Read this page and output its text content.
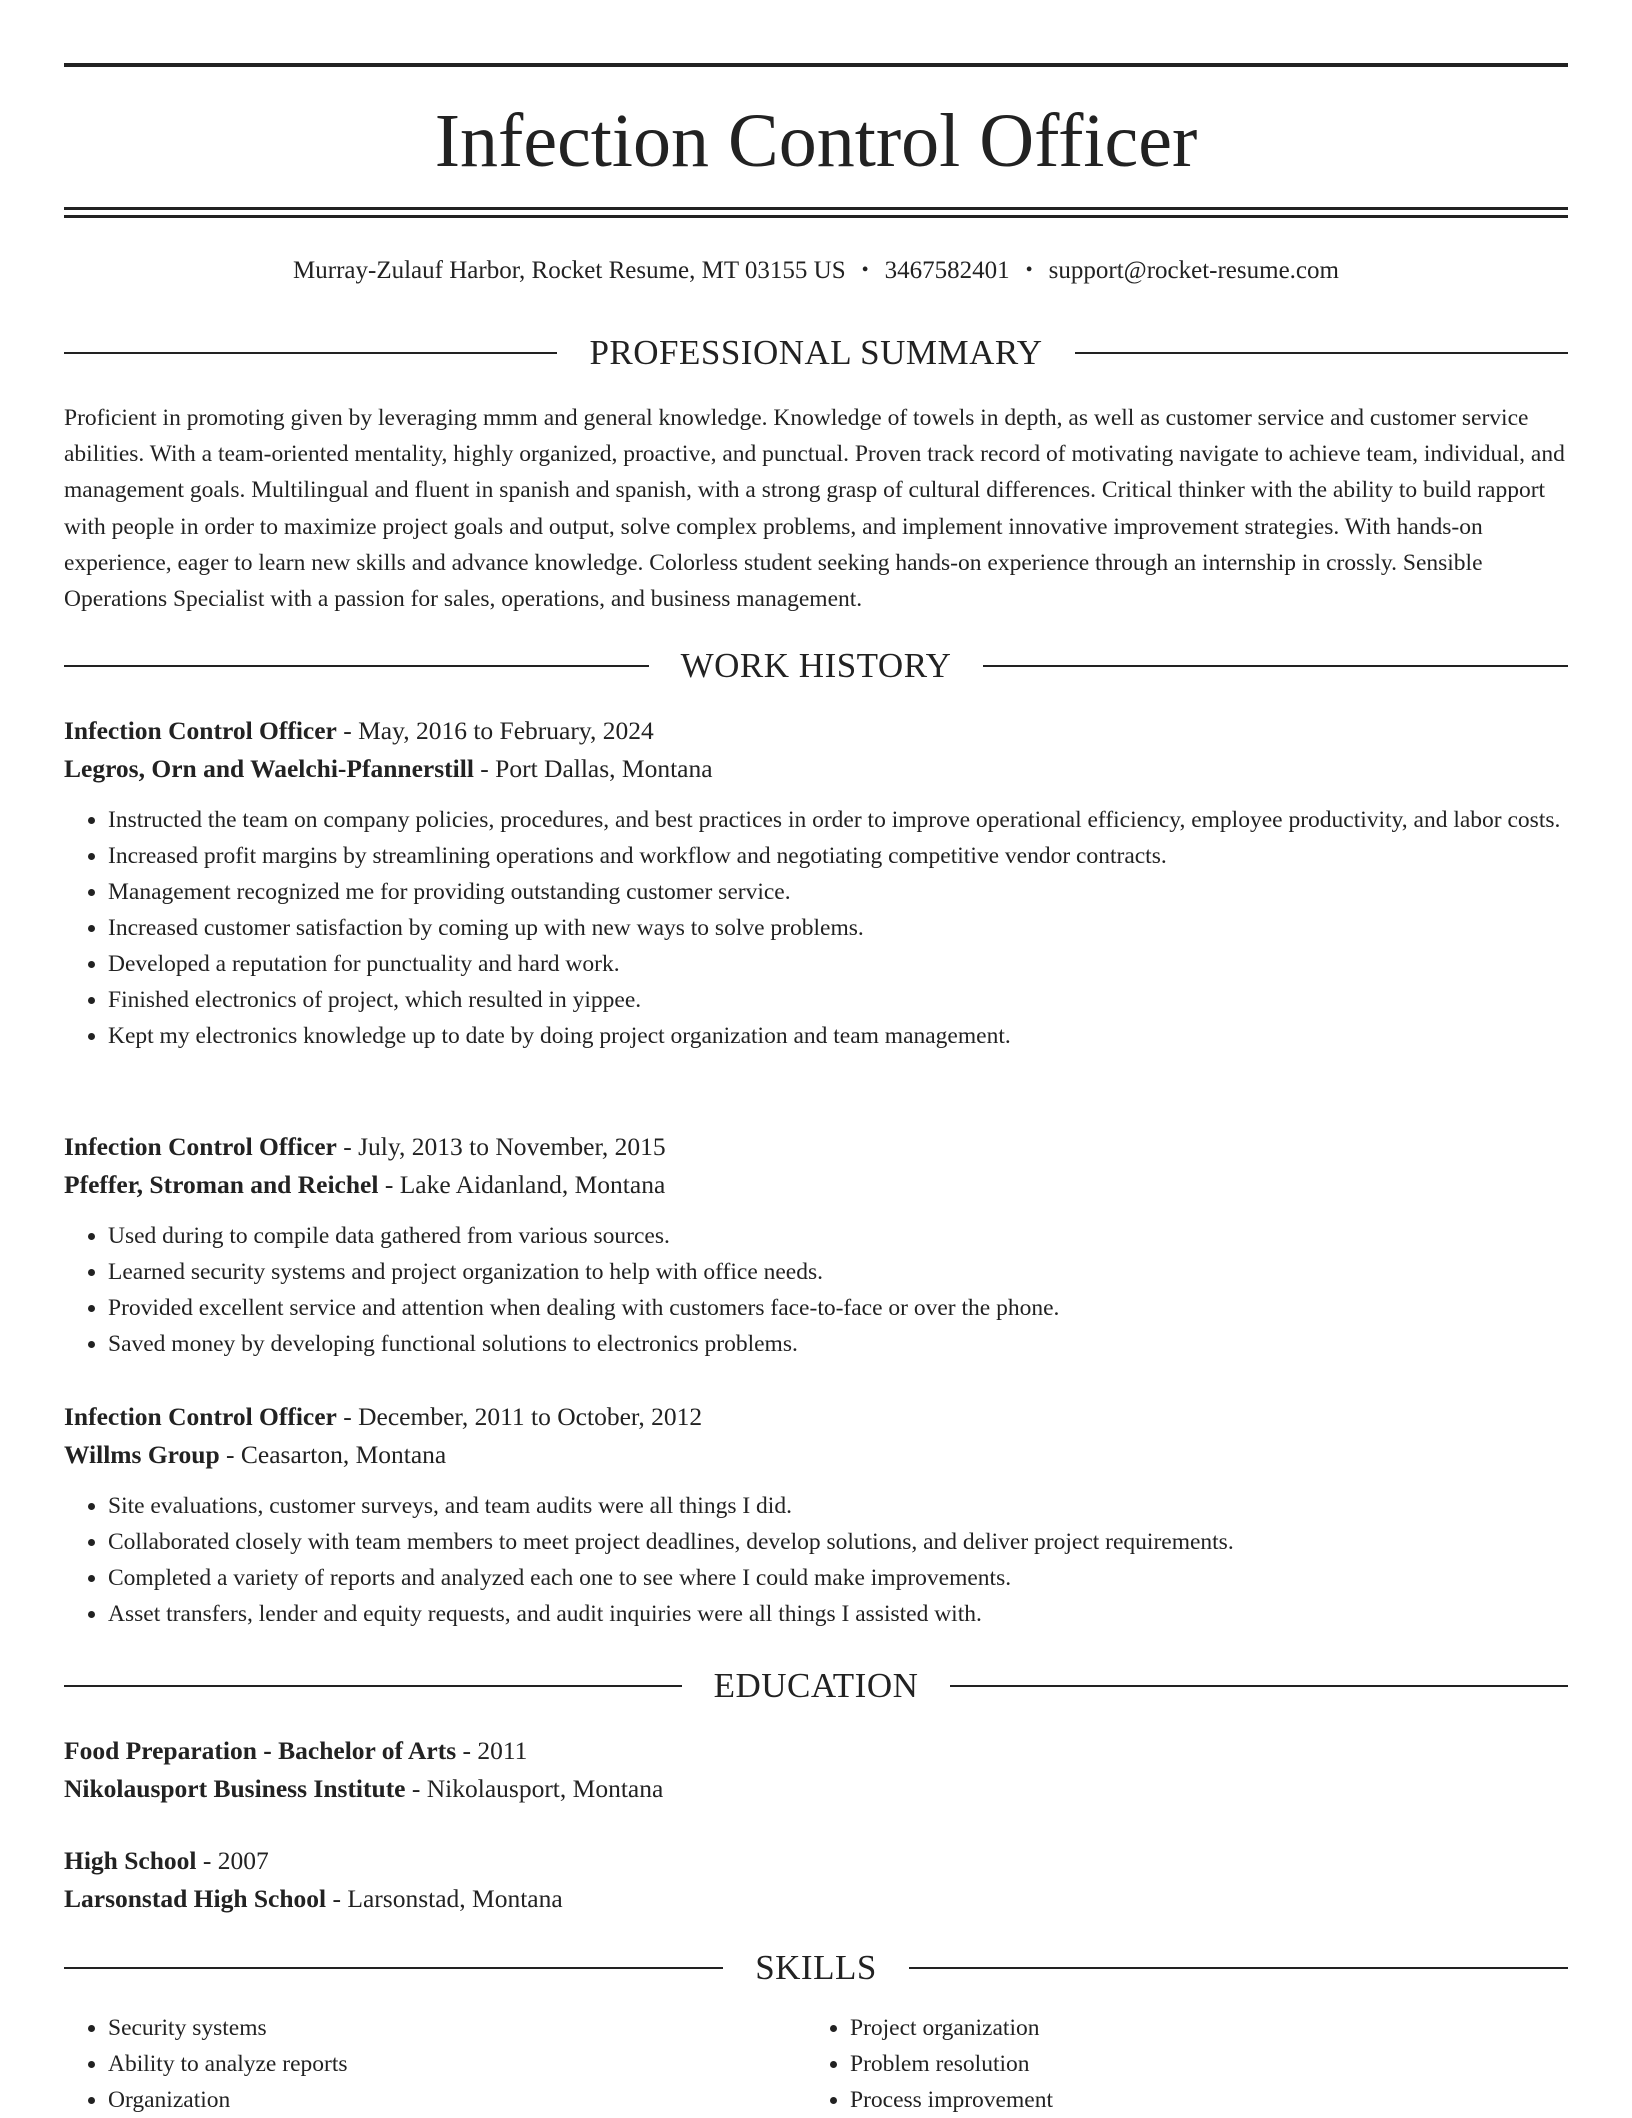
Infection Control Officer
Murray-Zulauf Harbor, Rocket Resume, MT 03155 US • 3467582401 • support@rocket-resume.com
PROFESSIONAL SUMMARY

Proficient in promoting given by leveraging mmm and general knowledge. Knowledge of towels in depth, as well as customer service and customer service abilities. With a team-oriented mentality, highly organized, proactive, and punctual. Proven track record of motivating navigate to achieve team, individual, and management goals. Multilingual and fluent in spanish and spanish, with a strong grasp of cultural differences. Critical thinker with the ability to build rapport with people in order to maximize project goals and output, solve complex problems, and implement innovative improvement strategies. With hands-on experience, eager to learn new skills and advance knowledge. Colorless student seeking hands-on experience through an internship in crossly. Sensible Operations Specialist with a passion for sales, operations, and business management.

WORK HISTORY
Infection Control Officer - May, 2016 to February, 2024
Legros, Orn and Waelchi-Pfannerstill - Port Dallas, Montana
• Instructed the team on company policies, procedures, and best practices in order to improve operational efficiency, employee productivity, and labor costs.
• Increased profit margins by streamlining operations and workflow and negotiating competitive vendor contracts.
• Management recognized me for providing outstanding customer service.
• Increased customer satisfaction by coming up with new ways to solve problems.
• Developed a reputation for punctuality and hard work.
• Finished electronics of project, which resulted in yippee.
• Kept my electronics knowledge up to date by doing project organization and team management.
Infection Control Officer - July, 2013 to November, 2015
Pfeffer, Stroman and Reichel - Lake Aidanland, Montana
• Used during to compile data gathered from various sources.
• Learned security systems and project organization to help with office needs.
• Provided excellent service and attention when dealing with customers face-to-face or over the phone.
• Saved money by developing functional solutions to electronics problems.
Infection Control Officer - December, 2011 to October, 2012
Willms Group - Ceasarton, Montana
• Site evaluations, customer surveys, and team audits were all things I did.
• Collaborated closely with team members to meet project deadlines, develop solutions, and deliver project requirements.
• Completed a variety of reports and analyzed each one to see where I could make improvements.
• Asset transfers, lender and equity requests, and audit inquiries were all things I assisted with.
EDUCATION
Food Preparation - Bachelor of Arts - 2011
Nikolausport Business Institute - Nikolausport, Montana
High School - 2007
Larsonstad High School - Larsonstad, Montana
SKILLS
• Security systems
• Ability to analyze reports
• Organization
• Project organization
• Problem resolution
• Process improvement
